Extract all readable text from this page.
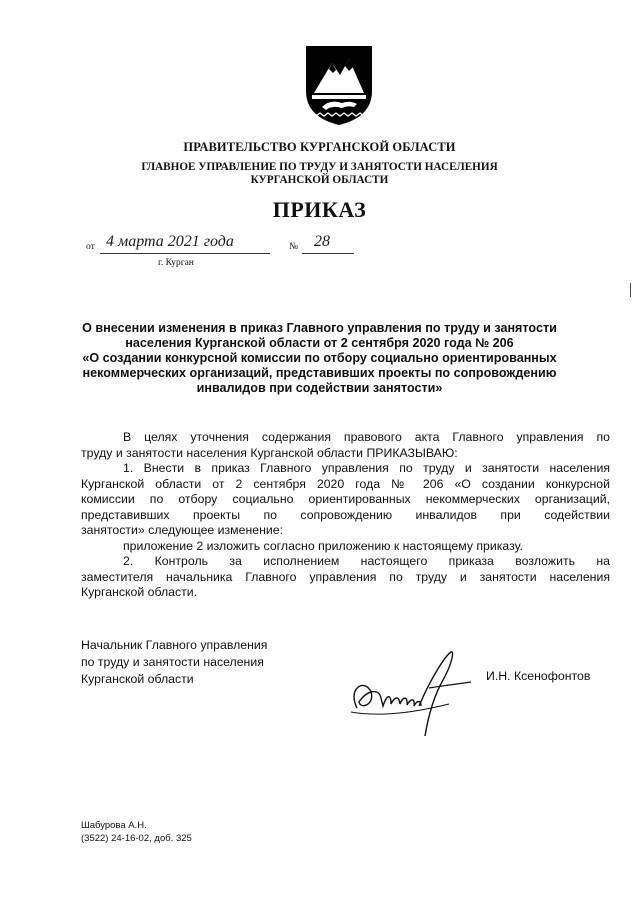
ПРАВИТЕЛЬСТВО КУРГАНСКОЙ ОБЛАСТИ
ГЛАВНОЕ УПРАВЛЕНИЕ ПО ТРУДУ И ЗАНЯТОСТИ НАСЕЛЕНИЯ
КУРГАНСКОЙ ОБЛАСТИ
ПРИКАЗ
от 4 марта 2021 года	№ 28
г. Курган
О внесении изменения в приказ Главного управления по труду и занятости
населения Курганской области от 2 сентября 2020 года № 206
«О создании конкурсной комиссии по отбору социально ориентированных
некоммерческих организаций, представивших проекты по сопровождению
инвалидов при содействии занятости»
В целях уточнения содержания правового акта Главного управления по
труду и занятости населения Курганской области ПРИКАЗЫВАЮ:
1. Внести в приказ Главного управления по труду и занятости населения
Курганской области от 2 сентября 2020 года № 206 «О создании конкурсной
комиссии по отбору социально ориентированных некоммерческих организаций,
представивших проекты по сопровождению инвалидов при содействии
занятости» следующее изменение:
приложение 2 изложить согласно приложению к настоящему приказу.
2. Контроль за исполнением настоящего приказа возложить на
заместителя начальника Главного управления по труду и занятости населения
Курганской области.
Начальник Главного управления
по труду и занятости населения
Курганской области	И.Н. Ксенофонтов
Шабурова А.Н.
(3522) 24-16-02, доб. 325
